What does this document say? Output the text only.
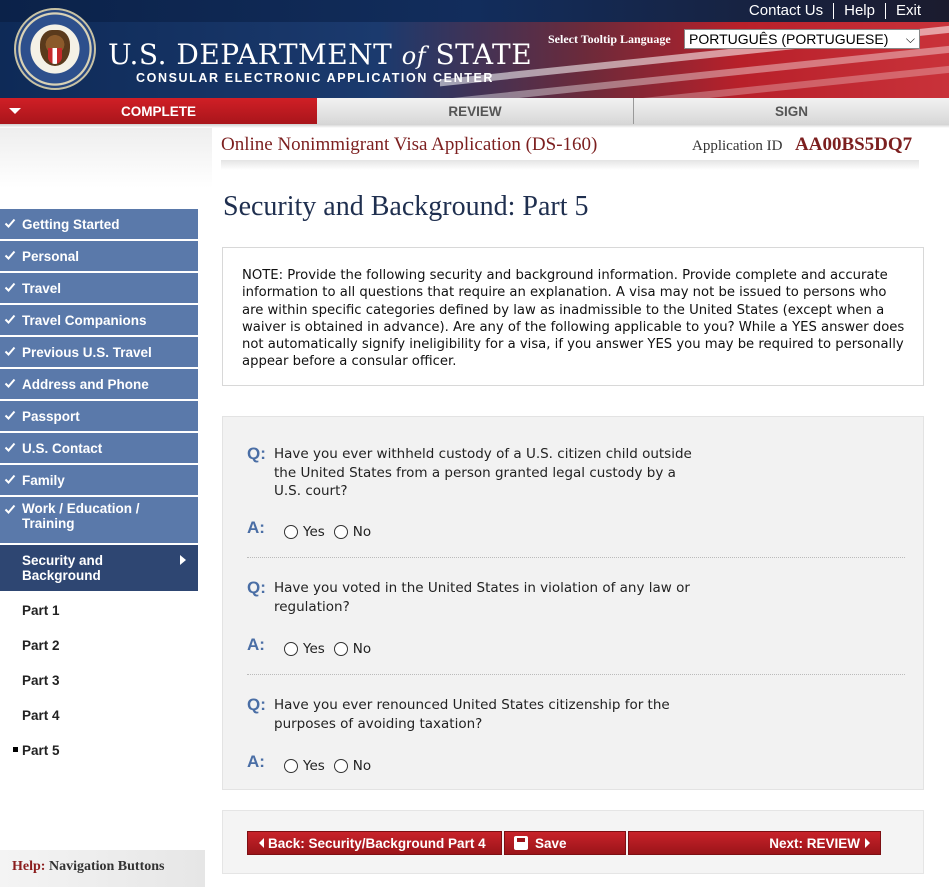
U.S. DEPARTMENT of STATE
CONSULAR ELECTRONIC APPLICATION CENTER
Contact Us	Help	Exit
Select Tooltip Language	PORTUGUÊS (PORTUGUESE) ⌵
COMPLETE	REVIEW	SIGN
Online Nonimmigrant Visa Application (DS-160)	Application ID AA00BS5DQ7
Security and Background: Part 5
Getting Started
Personal
Travel
Travel Companions
Previous U.S. Travel
Address and Phone
Passport
U.S. Contact
Family
Work / Education / Training
Security and Background
Part 1
Part 2
Part 3
Part 4
Part 5
Help: Navigation Buttons
NOTE: Provide the following security and background information. Provide complete and accurate information to all questions that require an explanation. A visa may not be issued to persons who are within specific categories defined by law as inadmissible to the United States (except when a waiver is obtained in advance). Are any of the following applicable to you? While a YES answer does not automatically signify ineligibility for a visa, if you answer YES you may be required to personally appear before a consular officer.
Q: Have you ever withheld custody of a U.S. citizen child outside the United States from a person granted legal custody by a U.S. court?
A:	Yes No
Q: Have you voted in the United States in violation of any law or regulation?
A:	Yes No
Q: Have you ever renounced United States citizenship for the purposes of avoiding taxation?
A:	Yes No
Back: Security/Background Part 4	Save	Next: REVIEW
